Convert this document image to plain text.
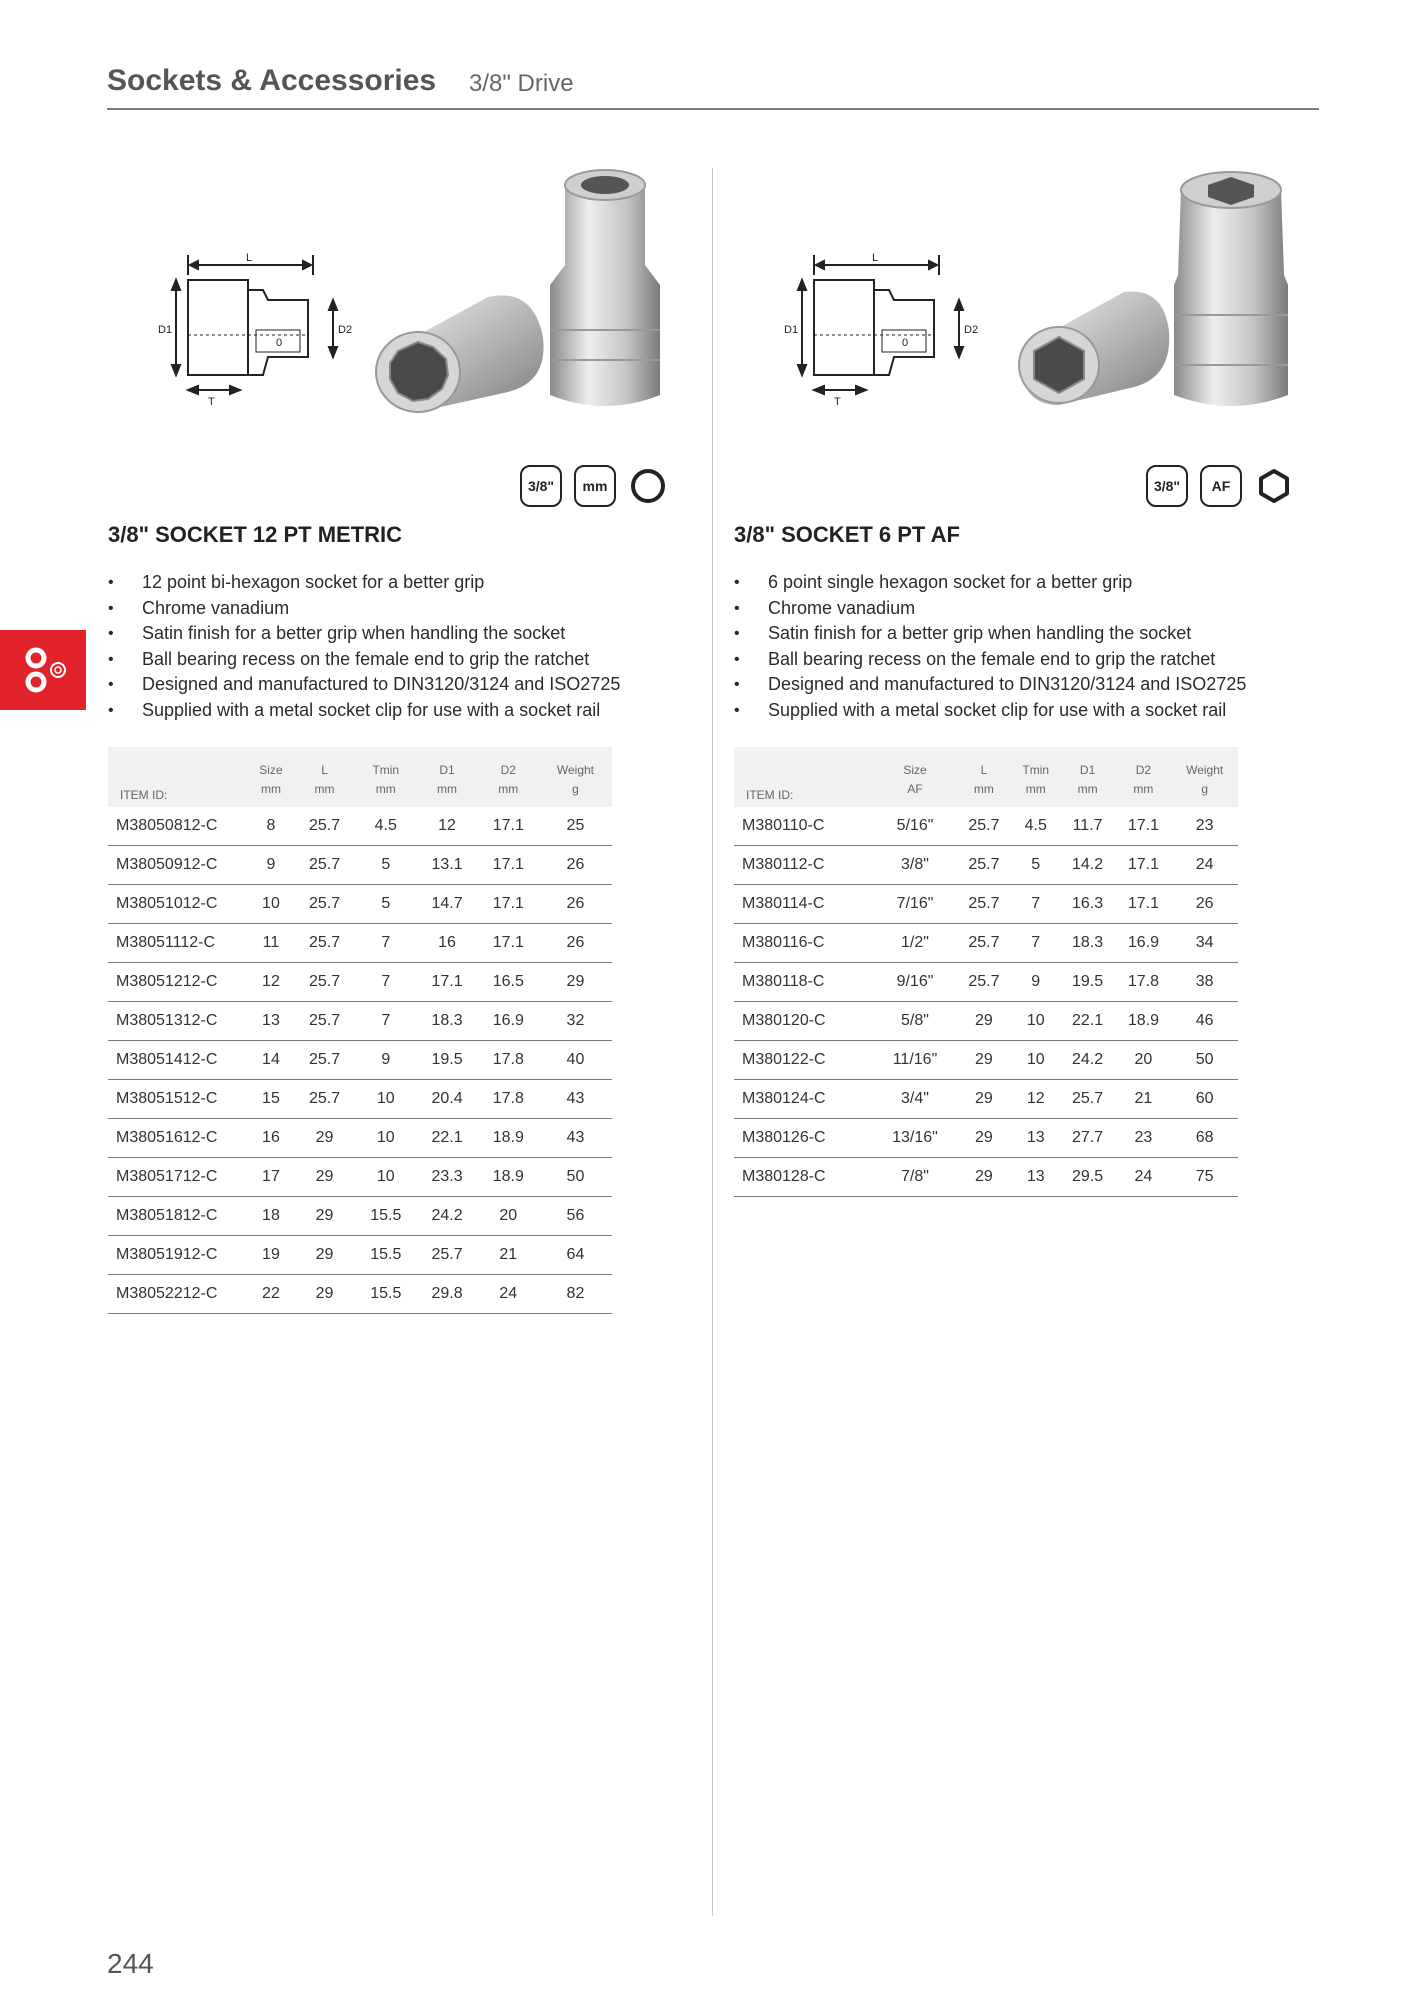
Sockets & Accessories 3/8" Drive
L
D1	D2
T
0
3/8"	mm
3/8" SOCKET 12 PT METRIC
• 12 point bi-hexagon socket for a better grip
• Chrome vanadium
• Satin finish for a better grip when handling the socket
• Ball bearing recess on the female end to grip the ratchet
• Designed and manufactured to DIN3120/3124 and ISO2725
• Supplied with a metal socket clip for use with a socket rail
ITEM ID:	Size	L	Tmin	D1	D2	Weight
	mm	mm	mm	mm	mm	g
M38050812-C	8	25.7	4.5	12	17.1	25
M38050912-C	9	25.7	5	13.1	17.1	26
M38051012-C	10	25.7	5	14.7	17.1	26
M38051112-C	11	25.7	7	16	17.1	26
M38051212-C	12	25.7	7	17.1	16.5	29
M38051312-C	13	25.7	7	18.3	16.9	32
M38051412-C	14	25.7	9	19.5	17.8	40
M38051512-C	15	25.7	10	20.4	17.8	43
M38051612-C	16	29	10	22.1	18.9	43
M38051712-C	17	29	10	23.3	18.9	50
M38051812-C	18	29	15.5	24.2	20	56
M38051912-C	19	29	15.5	25.7	21	64
M38052212-C	22	29	15.5	29.8	24	82
L
D1	D2
T
0
3/8"	AF
3/8" SOCKET 6 PT AF
• 6 point single hexagon socket for a better grip
• Chrome vanadium
• Satin finish for a better grip when handling the socket
• Ball bearing recess on the female end to grip the ratchet
• Designed and manufactured to DIN3120/3124 and ISO2725
• Supplied with a metal socket clip for use with a socket rail
ITEM ID:	Size	L	Tmin	D1	D2	Weight
	AF	mm	mm	mm	mm	g
M380110-C	5/16"	25.7	4.5	11.7	17.1	23
M380112-C	3/8"	25.7	5	14.2	17.1	24
M380114-C	7/16"	25.7	7	16.3	17.1	26
M380116-C	1/2"	25.7	7	18.3	16.9	34
M380118-C	9/16"	25.7	9	19.5	17.8	38
M380120-C	5/8"	29	10	22.1	18.9	46
M380122-C	11/16"	29	10	24.2	20	50
M380124-C	3/4"	29	12	25.7	21	60
M380126-C	13/16"	29	13	27.7	23	68
M380128-C	7/8"	29	13	29.5	24	75
244
